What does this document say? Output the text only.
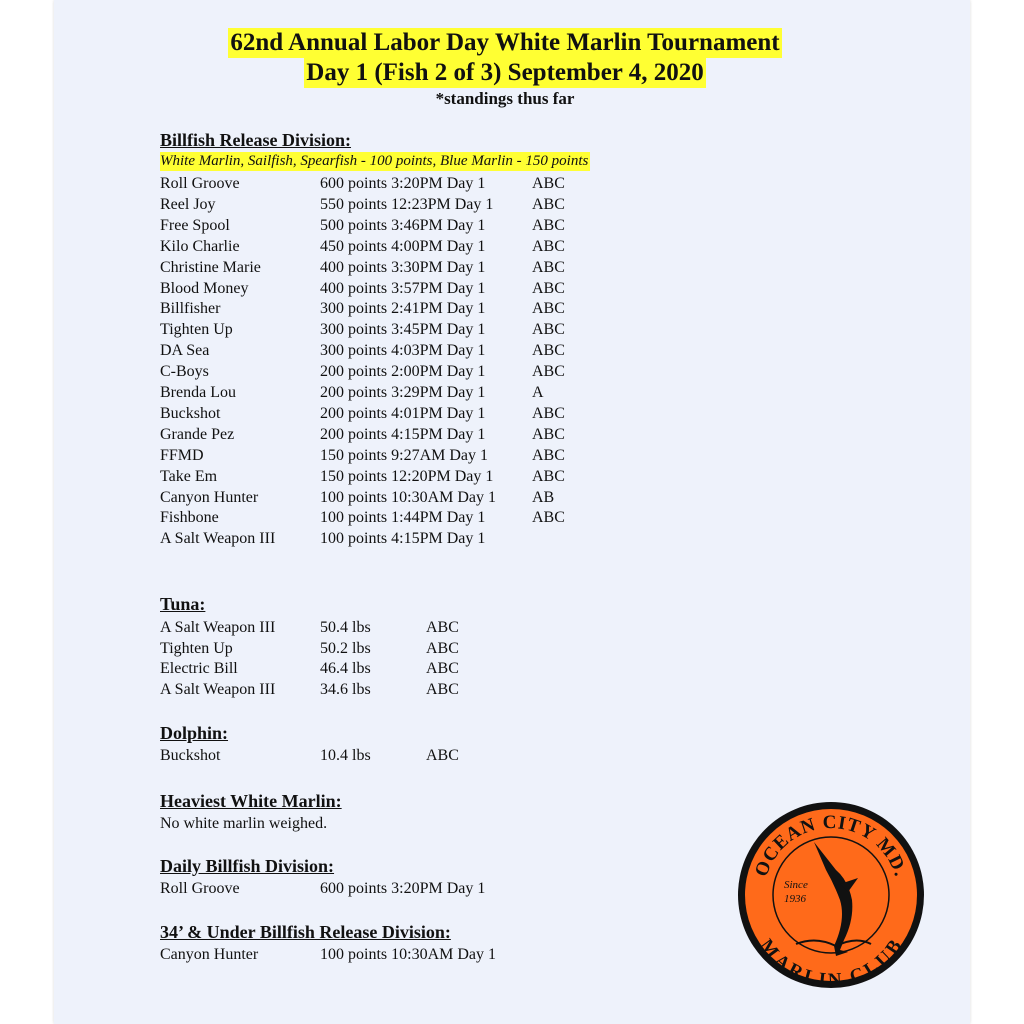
62nd Annual Labor Day White Marlin Tournament
Day 1 (Fish 2 of 3) September 4, 2020
*standings thus far
Billfish Release Division:
White Marlin, Sailfish, Spearfish - 100 points, Blue Marlin - 150 points
Roll Groove	600 points 3:20PM Day 1	ABC
Reel Joy	550 points 12:23PM Day 1 ABC
Free Spool	500 points 3:46PM Day 1	ABC
Kilo Charlie	450 points 4:00PM Day 1	ABC
Christine Marie	400 points 3:30PM Day 1	ABC
Blood Money	400 points 3:57PM Day 1	ABC
Billfisher	300 points 2:41PM Day 1	ABC
Tighten Up	300 points 3:45PM Day 1	ABC
DA Sea	300 points 4:03PM Day 1	ABC
C-Boys	200 points 2:00PM Day 1	ABC
Brenda Lou	200 points 3:29PM Day 1	A
Buckshot	200 points 4:01PM Day 1	ABC
Grande Pez	200 points 4:15PM Day 1	ABC
FFMD	150 points 9:27AM Day 1	ABC
Take Em	150 points 12:20PM Day 1 ABC
Canyon Hunter	100 points 10:30AM Day 1 AB
Fishbone	100 points 1:44PM Day 1	ABC
A Salt Weapon III	100 points 4:15PM Day 1
Tuna:
A Salt Weapon III	50.4 lbs	ABC
Tighten Up	50.2 lbs	ABC
Electric Bill	46.4 lbs	ABC
A Salt Weapon III	34.6 lbs	ABC
Dolphin:
Buckshot	10.4 lbs	ABC
Heaviest White Marlin:
No white marlin weighed.
Daily Billfish Division:
Roll Groove	600 points 3:20PM Day 1
34’ & Under Billfish Release Division:
Canyon Hunter	100 points 10:30AM Day 1
OCEAN CITY MD.
MARLIN CLUB
Since
1936
